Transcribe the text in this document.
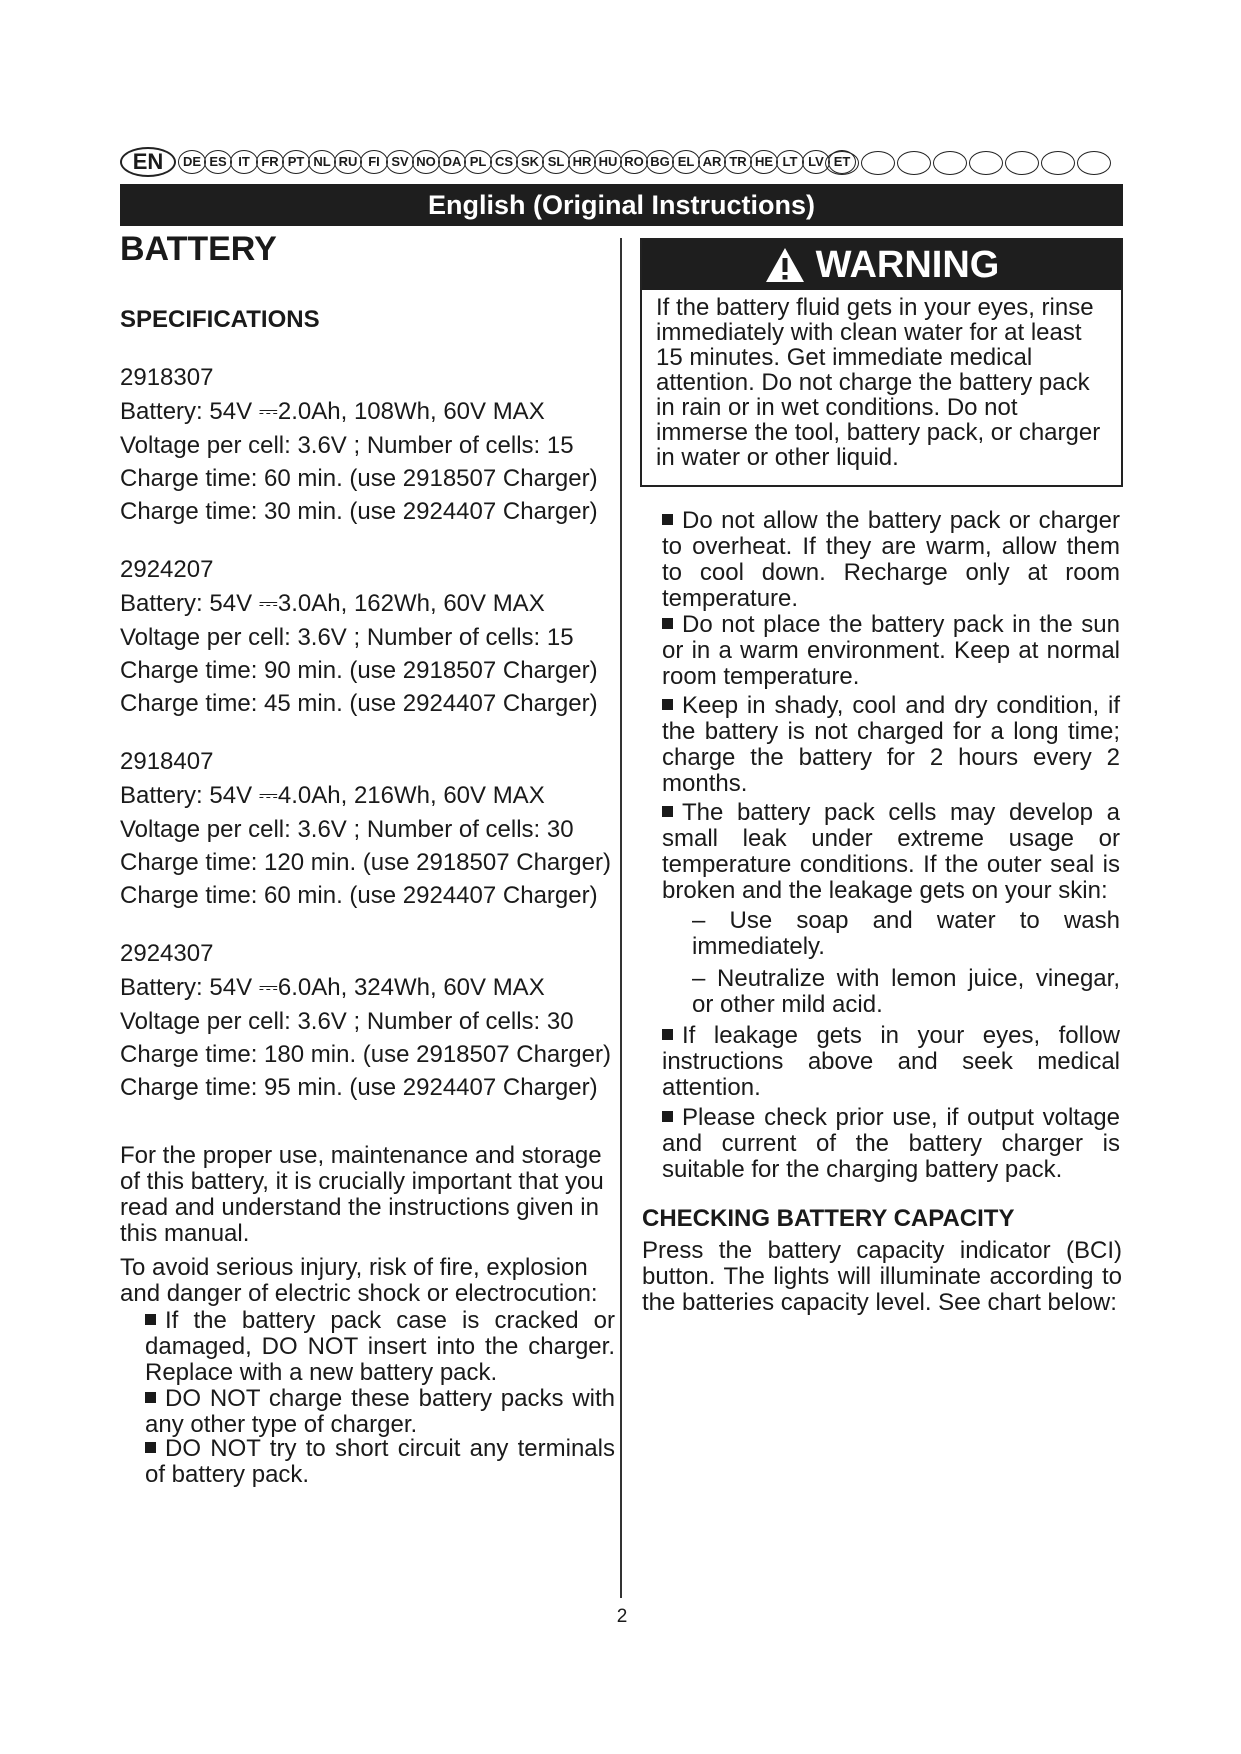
EN	DE ES IT FR PT NL RU FI SV NO DA PL CS SK SL HR HU RO BG EL AR TR HE LT LV ET
English (Original Instructions)
BATTERY
SPECIFICATIONS
2918307
Battery: 54V ⎓2.0Ah, 108Wh, 60V MAX
Voltage per cell: 3.6V ; Number of cells: 15
Charge time: 60 min. (use 2918507 Charger)
Charge time: 30 min. (use 2924407 Charger)
2924207
Battery: 54V ⎓3.0Ah, 162Wh, 60V MAX
Voltage per cell: 3.6V ; Number of cells: 15
Charge time: 90 min. (use 2918507 Charger)
Charge time: 45 min. (use 2924407 Charger)
2918407
Battery: 54V ⎓4.0Ah, 216Wh, 60V MAX
Voltage per cell: 3.6V ; Number of cells: 30
Charge time: 120 min. (use 2918507 Charger)
Charge time: 60 min. (use 2924407 Charger)
2924307
Battery: 54V ⎓6.0Ah, 324Wh, 60V MAX
Voltage per cell: 3.6V ; Number of cells: 30
Charge time: 180 min. (use 2918507 Charger)
Charge time: 95 min. (use 2924407 Charger)
For the proper use, maintenance and storage of this battery, it is crucially important that you read and understand the instructions given in this manual.
To avoid serious injury, risk of fire, explosion and danger of electric shock or electrocution:
If the battery pack case is cracked or damaged, DO NOT insert into the charger. Replace with a new battery pack.
DO NOT charge these battery packs with any other type of charger.
DO NOT try to short circuit any terminals of battery pack.
WARNING
If the battery fluid gets in your eyes, rinse immediately with clean water for at least 15 minutes. Get immediate medical attention. Do not charge the battery pack in rain or in wet conditions. Do not immerse the tool, battery pack, or charger in water or other liquid.
Do not allow the battery pack or charger to overheat. If they are warm, allow them to cool down. Recharge only at room temperature.
Do not place the battery pack in the sun or in a warm environment. Keep at normal room temperature.
Keep in shady, cool and dry condition, if the battery is not charged for a long time; charge the battery for 2 hours every 2 months.
The battery pack cells may develop a small leak under extreme usage or temperature conditions. If the outer seal is broken and the leakage gets on your skin:
– Use soap and water to wash immediately.
– Neutralize with lemon juice, vinegar, or other mild acid.
If leakage gets in your eyes, follow instructions above and seek medical attention.
Please check prior use, if output voltage and current of the battery charger is suitable for the charging battery pack.
CHECKING BATTERY CAPACITY
Press the battery capacity indicator (BCI) button. The lights will illuminate according to the batteries capacity level. See chart below:
2
